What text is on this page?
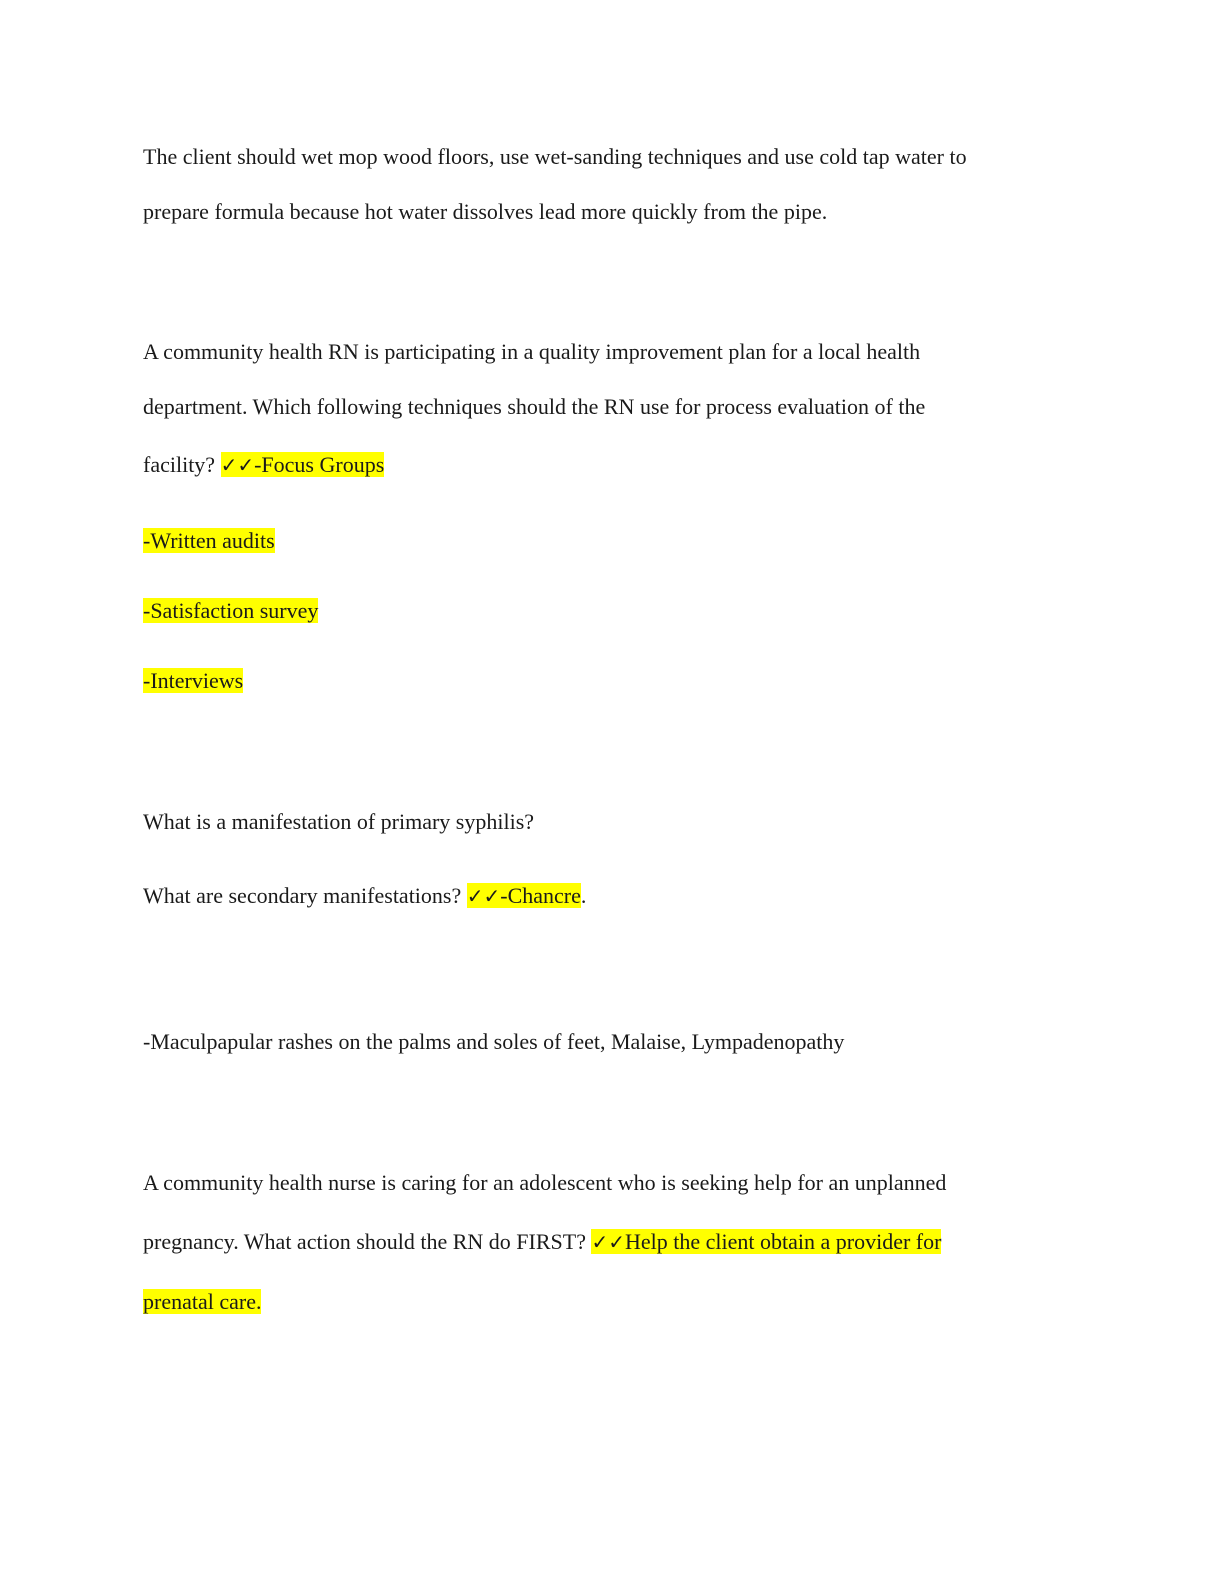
The client should wet mop wood floors, use wet-sanding techniques and use cold tap water to
prepare formula because hot water dissolves lead more quickly from the pipe.
A community health RN is participating in a quality improvement plan for a local health
department. Which following techniques should the RN use for process evaluation of the
facility? ✓✓-Focus Groups
-Written audits
-Satisfaction survey
-Interviews
What is a manifestation of primary syphilis?
What are secondary manifestations? ✓✓-Chancre.
-Maculpapular rashes on the palms and soles of feet, Malaise, Lympadenopathy
A community health nurse is caring for an adolescent who is seeking help for an unplanned
pregnancy. What action should the RN do FIRST? ✓✓Help the client obtain a provider for
prenatal care.
